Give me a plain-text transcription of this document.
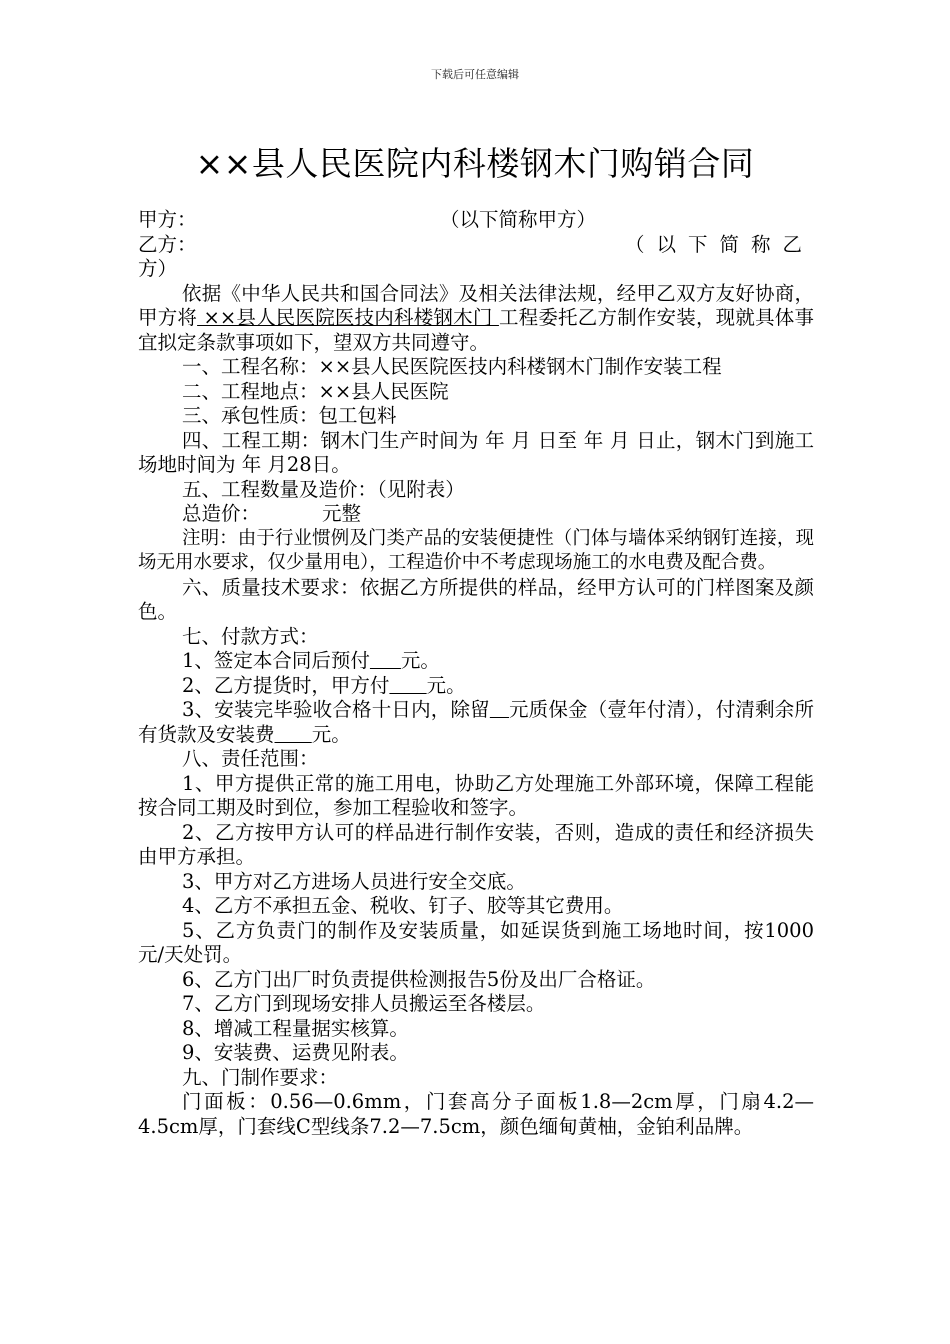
下载后可任意编辑
××县人民医院内科楼钢木门购销合同
甲方：	（以下简称甲方）
乙方：	（以下简称乙

方）

依据《中华人民共和国合同法》及相关法律法规，经甲乙双方友好协商，甲方将 ××县人民医院医技内科楼钢木门 工程委托乙方制作安装，现就具体事宜拟定条款事项如下，望双方共同遵守。

一、工程名称：××县人民医院医技内科楼钢木门制作安装工程

二、工程地点：××县人民医院

三、承包性质：包工包料

四、工程工期：钢木门生产时间为 年 月 日至 年 月 日止，钢木门到施工场地时间为 年 月28日。

五、工程数量及造价：（见附表）

总造价：	元整

注明：由于行业惯例及门类产品的安装便捷性（门体与墙体采纳钢钉连接，现场无用水要求，仅少量用电），工程造价中不考虑现场施工的水电费及配合费。

六、质量技术要求：依据乙方所提供的样品，经甲方认可的门样图案及颜色。

七、付款方式：

1、签定本合同后预付 元。

2、乙方提货时，甲方付 元。

3、安装完毕验收合格十日内，除留 元质保金（壹年付清），付清剩余所有货款及安装费 元。

八、责任范围：

1、甲方提供正常的施工用电，协助乙方处理施工外部环境，保障工程能按合同工期及时到位，参加工程验收和签字。

2、乙方按甲方认可的样品进行制作安装，否则，造成的责任和经济损失由甲方承担。

3、甲方对乙方进场人员进行安全交底。

4、乙方不承担五金、税收、钉子、胶等其它费用。

5、乙方负责门的制作及安装质量，如延误货到施工场地时间，按1000元/天处罚。

6、乙方门出厂时负责提供检测报告5份及出厂合格证。

7、乙方门到现场安排人员搬运至各楼层。

8、增减工程量据实核算。

9、安装费、运费见附表。

九、门制作要求：

门面板：0.56—0.6mm，门套高分子面板1.8—2cm厚，门扇4.2—4.5cm厚，门套线C型线条7.2—7.5cm，颜色缅甸黄柚，金铂利品牌。
